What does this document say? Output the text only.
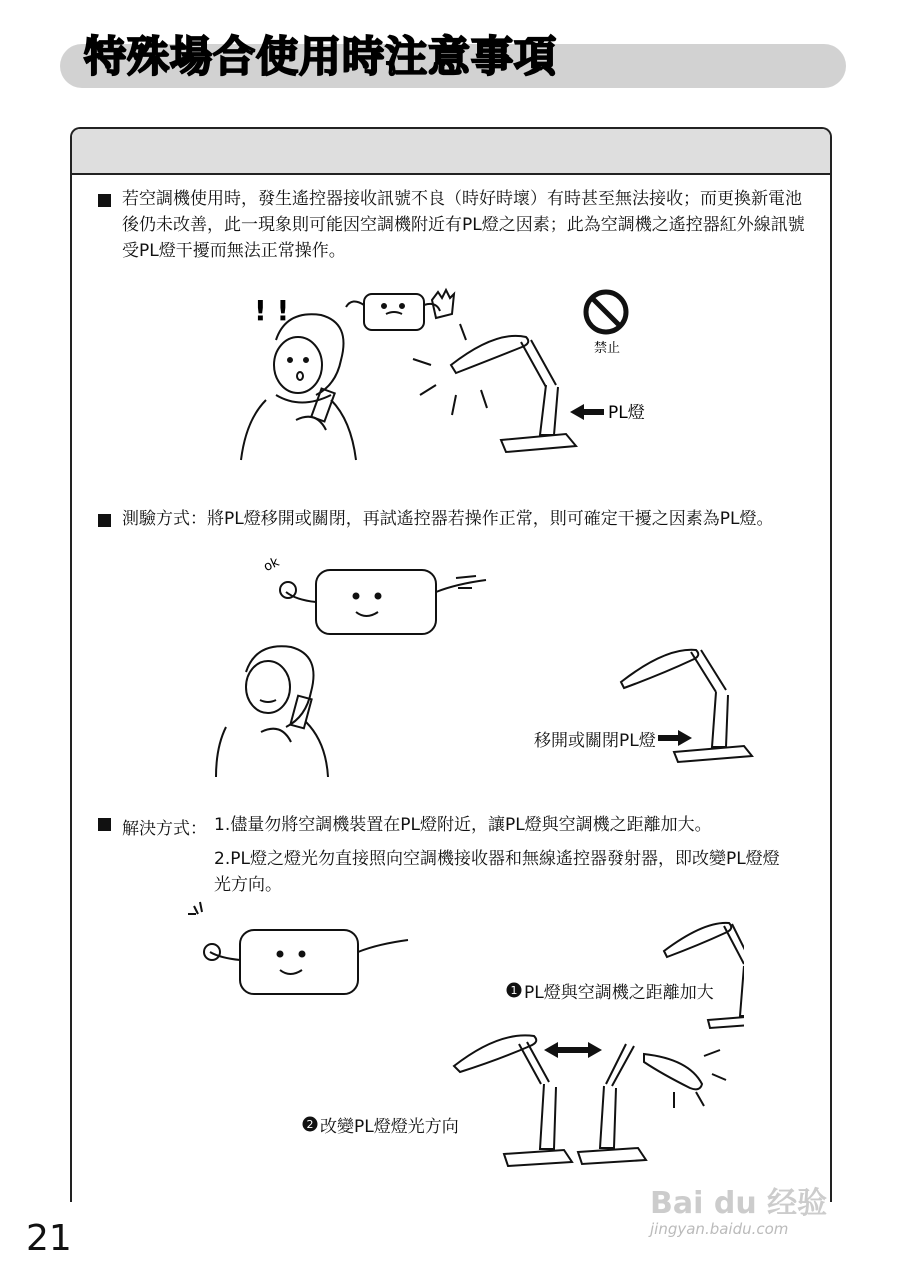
特殊場合使用時注意事項
若空調機使用時，發生遙控器接收訊號不良（時好時壞）有時甚至無法接收；而更換新電池後仍未改善，此一現象則可能因空調機附近有PL燈之因素；此為空調機之遙控器紅外線訊號受PL燈干擾而無法正常操作。
! !
禁止
PL燈
測驗方式：將PL燈移開或關閉，再試遙控器若操作正常，則可確定干擾之因素為PL燈。
ok
移開或關閉PL燈
解決方式： 1.儘量勿將空調機裝置在PL燈附近，讓PL燈與空調機之距離加大。
2.PL燈之燈光勿直接照向空調機接收器和無線遙控器發射器，即改變PL燈燈光方向。
1 PL燈與空調機之距離加大
2 改變PL燈燈光方向
21
Bai du 经验
jingyan.baidu.com
